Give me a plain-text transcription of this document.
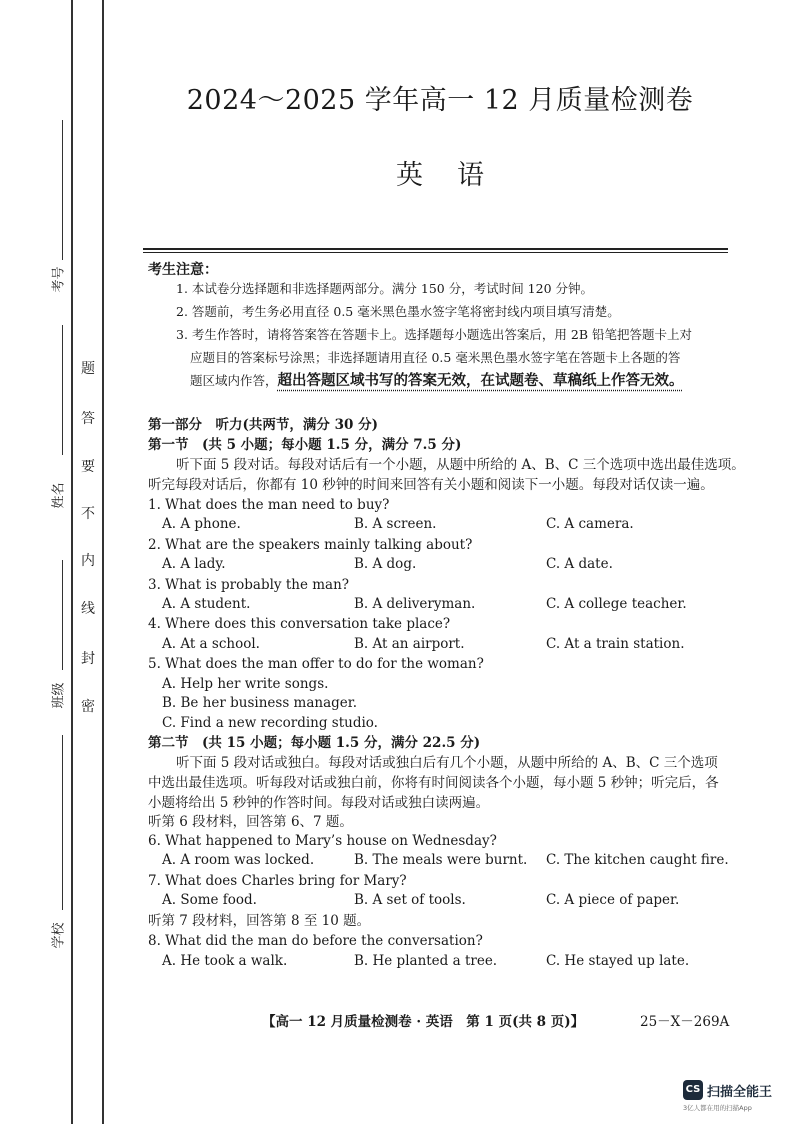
考号
姓名
班级
学校
题
答
要
不
内
线
封
密
2024～2025 学年高一 12 月质量检测卷
英语
考生注意：
1. 本试卷分选择题和非选择题两部分。满分 150 分，考试时间 120 分钟。
2. 答题前，考生务必用直径 0.5 毫米黑色墨水签字笔将密封线内项目填写清楚。
3. 考生作答时，请将答案答在答题卡上。选择题每小题选出答案后，用 2B 铅笔把答题卡上对
应题目的答案标号涂黑；非选择题请用直径 0.5 毫米黑色墨水签字笔在答题卡上各题的答
题区域内作答，超出答题区域书写的答案无效，在试题卷、草稿纸上作答无效。
第一部分　听力(共两节，满分 30 分)
第一节　(共 5 小题；每小题 1.5 分，满分 7.5 分)
听下面 5 段对话。每段对话后有一个小题，从题中所给的 A、B、C 三个选项中选出最佳选项。
听完每段对话后，你都有 10 秒钟的时间来回答有关小题和阅读下一小题。每段对话仅读一遍。
1. What does the man need to buy?
A. A phone.	B. A screen.	C. A camera.
2. What are the speakers mainly talking about?
A. A lady.	B. A dog.	C. A date.
3. What is probably the man?
A. A student.	B. A deliveryman.	C. A college teacher.
4. Where does this conversation take place?
A. At a school.	B. At an airport.	C. At a train station.
5. What does the man offer to do for the woman?
A. Help her write songs.
B. Be her business manager.
C. Find a new recording studio.
第二节　(共 15 小题；每小题 1.5 分，满分 22.5 分)
听下面 5 段对话或独白。每段对话或独白后有几个小题，从题中所给的 A、B、C 三个选项
中选出最佳选项。听每段对话或独白前，你将有时间阅读各个小题，每小题 5 秒钟；听完后，各
小题将给出 5 秒钟的作答时间。每段对话或独白读两遍。
听第 6 段材料，回答第 6、7 题。
6. What happened to Mary’s house on Wednesday?
A. A room was locked.	B. The meals were burnt. C. The kitchen caught fire.
7. What does Charles bring for Mary?
A. Some food.	B. A set of tools.	C. A piece of paper.
听第 7 段材料，回答第 8 至 10 题。
8. What did the man do before the conversation?
A. He took a walk.	B. He planted a tree.	C. He stayed up late.
【高一 12 月质量检测卷 · 英语　第 1 页(共 8 页)】	25－X－269A
CS 扫描全能王
3亿人都在用的扫描App
